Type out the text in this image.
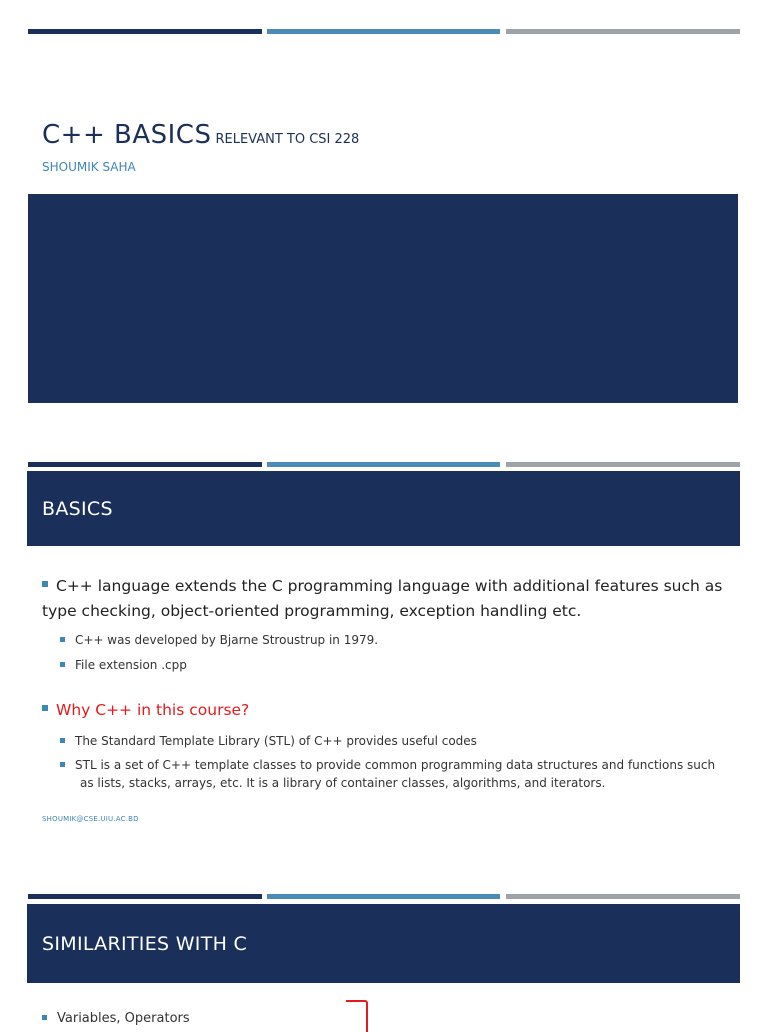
C++ BASICS RELEVANT TO CSI 228
SHOUMIK SAHA
BASICS
C++ language extends the C programming language with additional features such as type checking, object-oriented programming, exception handling etc.
C++ was developed by Bjarne Stroustrup in 1979.
File extension .cpp
Why C++ in this course?
The Standard Template Library (STL) of C++ provides useful codes
STL is a set of C++ template classes to provide common programming data structures and functions such as lists, stacks, arrays, etc. It is a library of container classes, algorithms, and iterators.
SHOUMIK@CSE.UIU.AC.BD
SIMILARITIES WITH C
Variables, Operators
